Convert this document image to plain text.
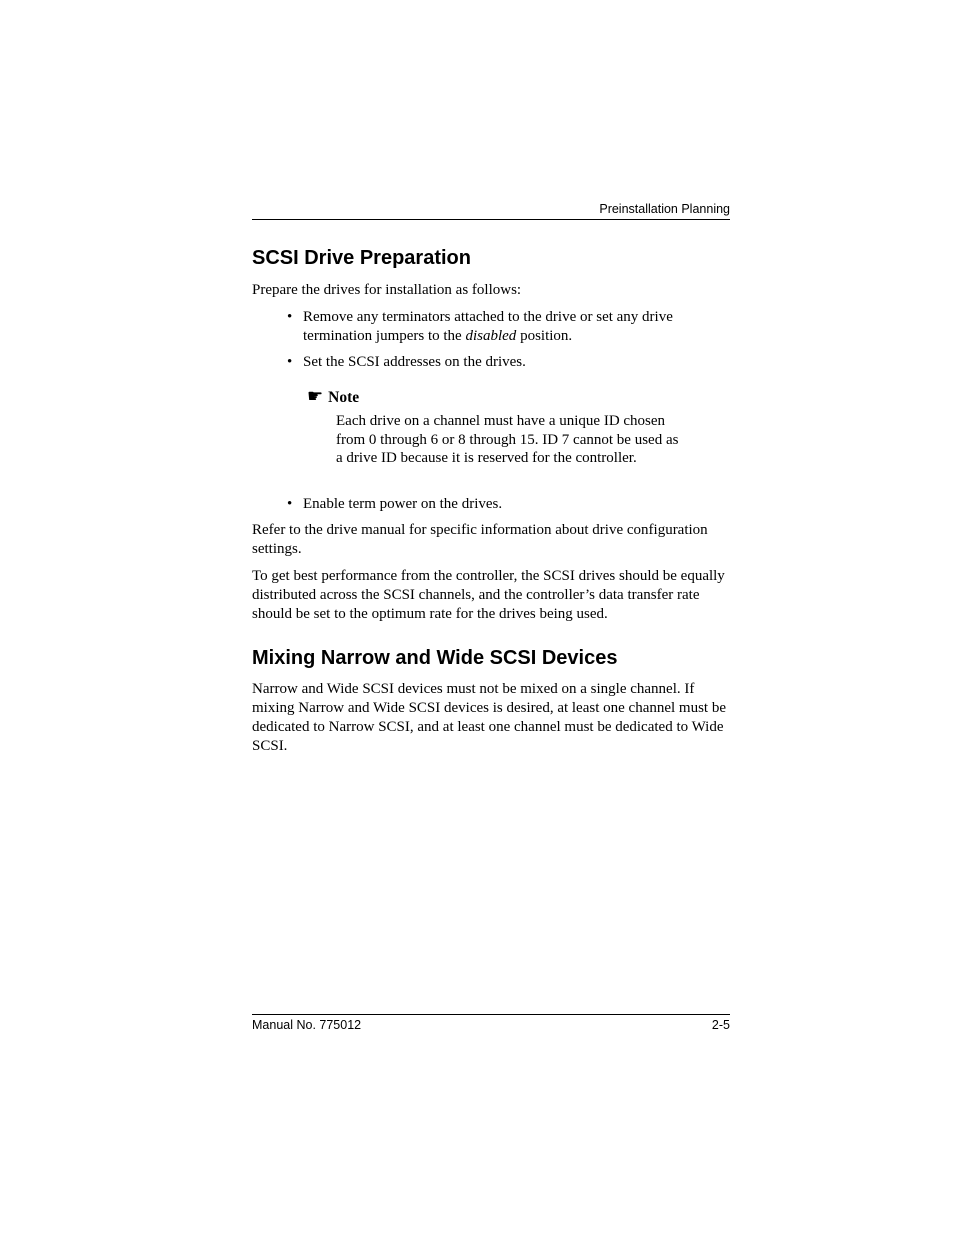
Preinstallation Planning
SCSI Drive Preparation

Prepare the drives for installation as follows:

• Remove any terminators attached to the drive or set any drive termination jumpers to the disabled position.
• Set the SCSI addresses on the drives.
☛ Note
Each drive on a channel must have a unique ID chosen from 0 through 6 or 8 through 15. ID 7 cannot be used as a drive ID because it is reserved for the controller.
• Enable term power on the drives.

Refer to the drive manual for specific information about drive configuration settings.

To get best performance from the controller, the SCSI drives should be equally distributed across the SCSI channels, and the controller’s data transfer rate should be set to the optimum rate for the drives being used.

Mixing Narrow and Wide SCSI Devices

Narrow and Wide SCSI devices must not be mixed on a single channel. If mixing Narrow and Wide SCSI devices is desired, at least one channel must be dedicated to Narrow SCSI, and at least one channel must be dedicated to Wide SCSI.

Manual No. 775012	2-5
